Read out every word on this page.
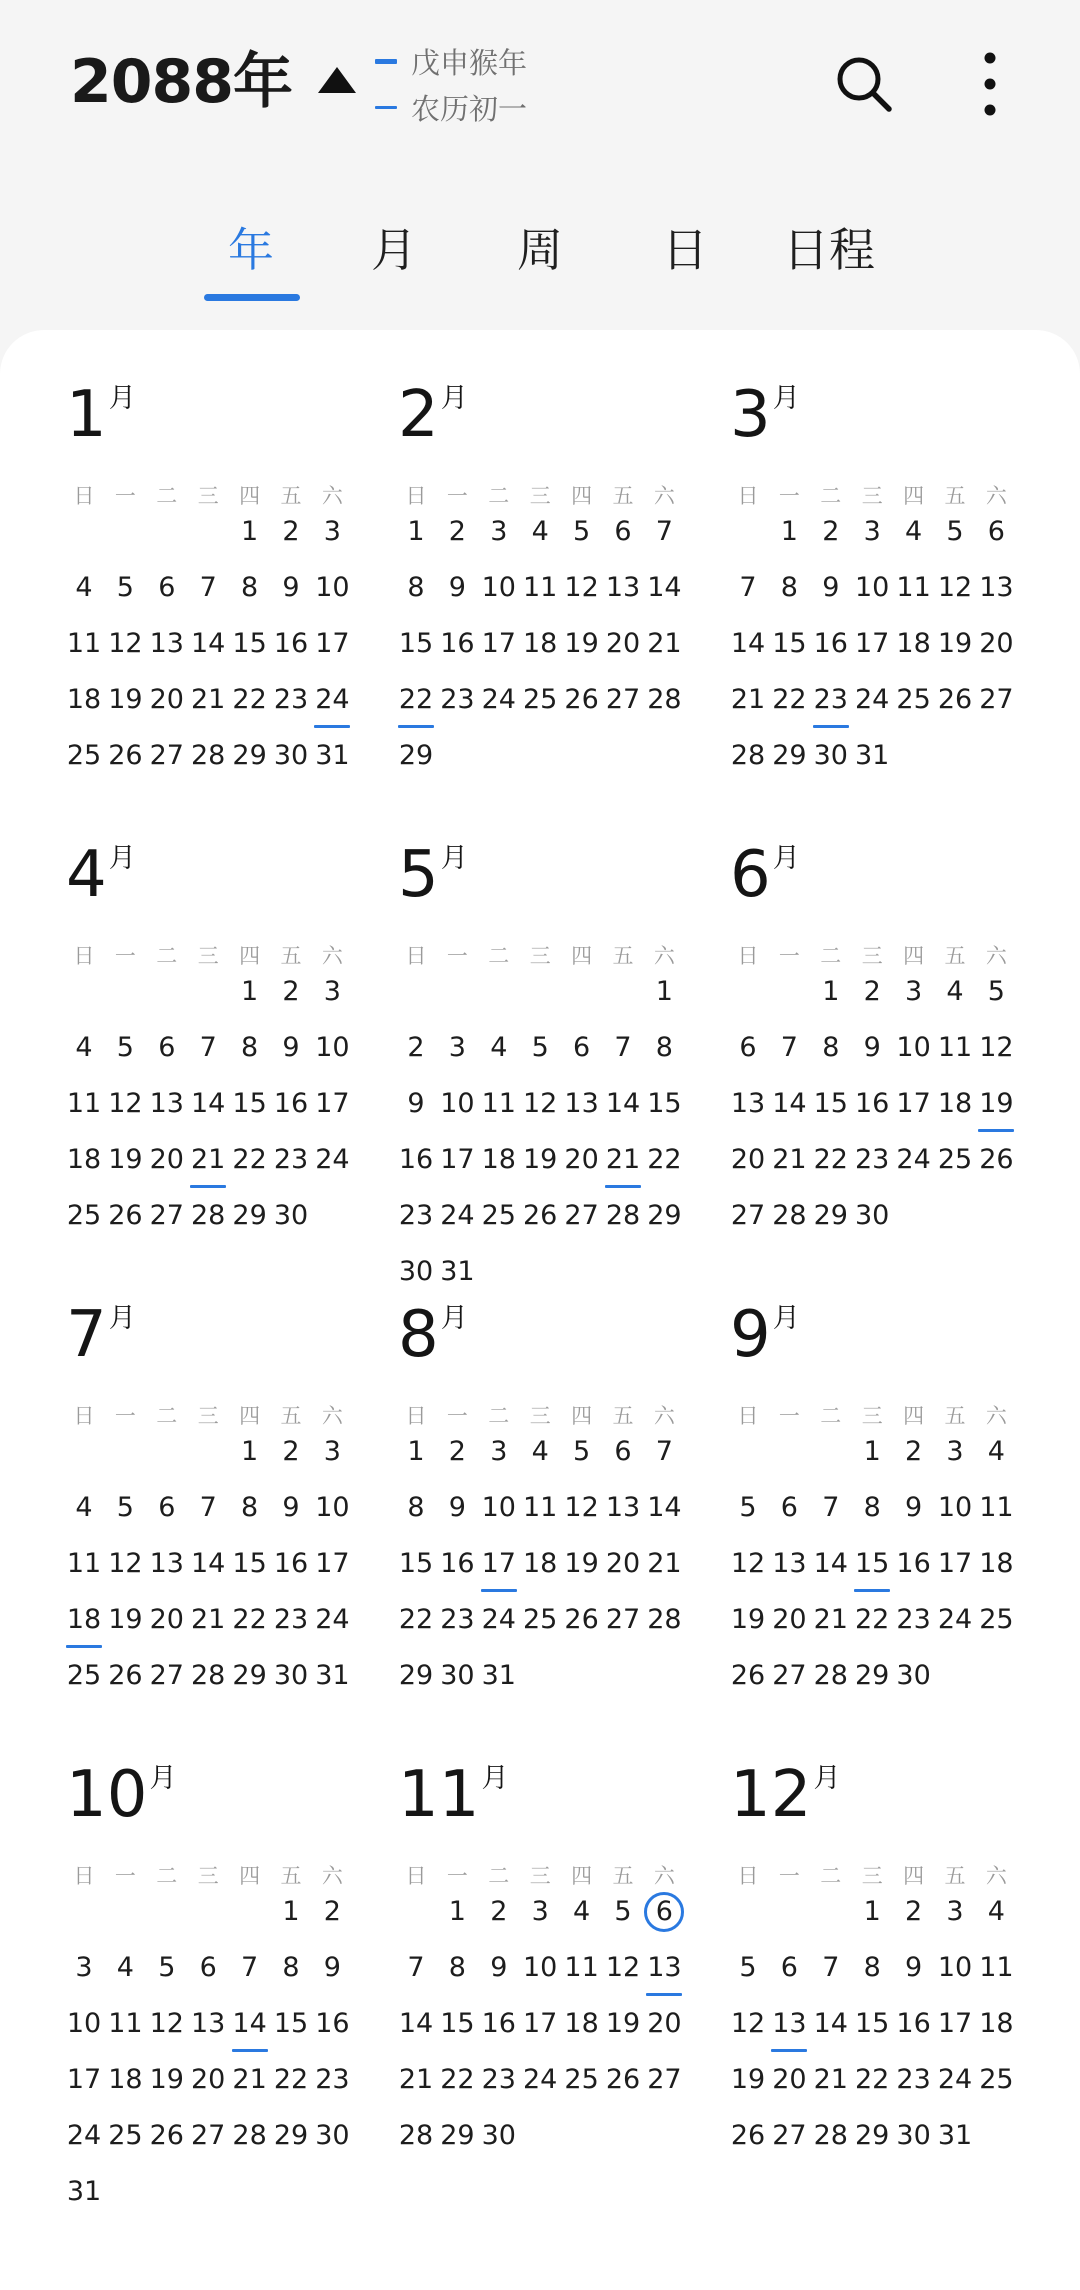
2088年	戊申猴年
农历初一
年 月 周 日 日程
1月
日 一 二 三 四 五 六
1 2 3
4 5 6 7 8 9 10
11 12 13 14 15 16 17
18 19 20 21 22 23 24
25 26 27 28 29 30 31
2月
日 一 二 三 四 五 六
1 2 3 4 5 6 7
8 9 10 11 12 13 14
15 16 17 18 19 20 21
22 23 24 25 26 27 28
29
3月
日 一 二 三 四 五 六
1 2 3 4 5 6
7 8 9 10 11 12 13
14 15 16 17 18 19 20
21 22 23 24 25 26 27
28 29 30 31
4月
日 一 二 三 四 五 六
1 2 3
4 5 6 7 8 9 10
11 12 13 14 15 16 17
18 19 20 21 22 23 24
25 26 27 28 29 30
5月
日 一 二 三 四 五 六
1
2 3 4 5 6 7 8
9 10 11 12 13 14 15
16 17 18 19 20 21 22
23 24 25 26 27 28 29
30 31
6月
日 一 二 三 四 五 六
1 2 3 4 5
6 7 8 9 10 11 12
13 14 15 16 17 18 19
20 21 22 23 24 25 26
27 28 29 30
7月
日 一 二 三 四 五 六
1 2 3
4 5 6 7 8 9 10
11 12 13 14 15 16 17
18 19 20 21 22 23 24
25 26 27 28 29 30 31
8月
日 一 二 三 四 五 六
1 2 3 4 5 6 7
8 9 10 11 12 13 14
15 16 17 18 19 20 21
22 23 24 25 26 27 28
29 30 31
9月
日 一 二 三 四 五 六
1 2 3 4
5 6 7 8 9 10 11
12 13 14 15 16 17 18
19 20 21 22 23 24 25
26 27 28 29 30
10月
日 一 二 三 四 五 六
1 2
3 4 5 6 7 8 9
10 11 12 13 14 15 16
17 18 19 20 21 22 23
24 25 26 27 28 29 30
31
11月
日 一 二 三 四 五 六
1 2 3 4 5 6
7 8 9 10 11 12 13
14 15 16 17 18 19 20
21 22 23 24 25 26 27
28 29 30
12月
日 一 二 三 四 五 六
1 2 3 4
5 6 7 8 9 10 11
12 13 14 15 16 17 18
19 20 21 22 23 24 25
26 27 28 29 30 31
